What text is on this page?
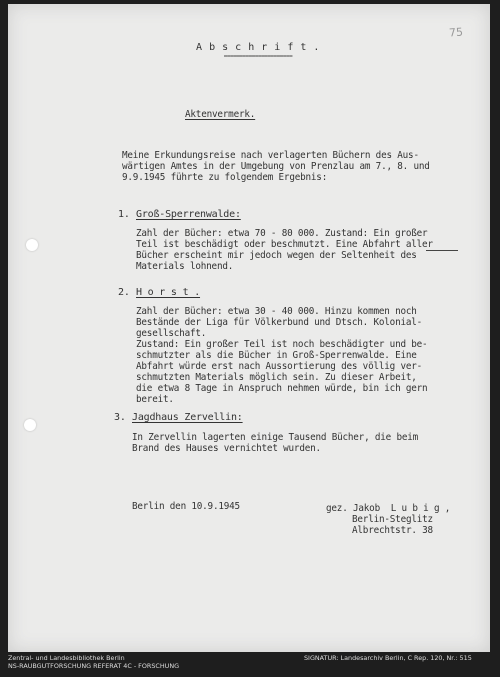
75
A b s c h r i f t .
======================
Aktenvermerk.
Meine Erkundungsreise nach verlagerten Büchern des Aus-
wärtigen Amtes in der Umgebung von Prenzlau am 7., 8. und
9.9.1945 führte zu folgendem Ergebnis:
1. Groß-Sperrenwalde:
Zahl der Bücher: etwa 70 - 80 000. Zustand: Ein großer
Teil ist beschädigt oder beschmutzt. Eine Abfahrt aller
Bücher erscheint mir jedoch wegen der Seltenheit des
Materials lohnend.
2. H o r s t .
Zahl der Bücher: etwa 30 - 40 000. Hinzu kommen noch
Bestände der Liga für Völkerbund und Dtsch. Kolonial-
gesellschaft.
Zustand: Ein großer Teil ist noch beschädigter und be-
schmutzter als die Bücher in Groß-Sperrenwalde. Eine
Abfahrt würde erst nach Aussortierung des völlig ver-
schmutzten Materials möglich sein. Zu dieser Arbeit,
die etwa 8 Tage in Anspruch nehmen würde, bin ich gern
bereit.
3. Jagdhaus Zervellin:
In Zervellin lagerten einige Tausend Bücher, die beim
Brand des Hauses vernichtet wurden.
Berlin den 10.9.1945	gez. Jakob  L u b i g ,
Berlin-Steglitz
Albrechtstr. 38
Zentral- und Landesbibliothek Berlin
NS-RAUBGUTFORSCHUNG REFERAT 4C - FORSCHUNG
SIGNATUR: Landesarchiv Berlin, C Rep. 120, Nr.: 515
